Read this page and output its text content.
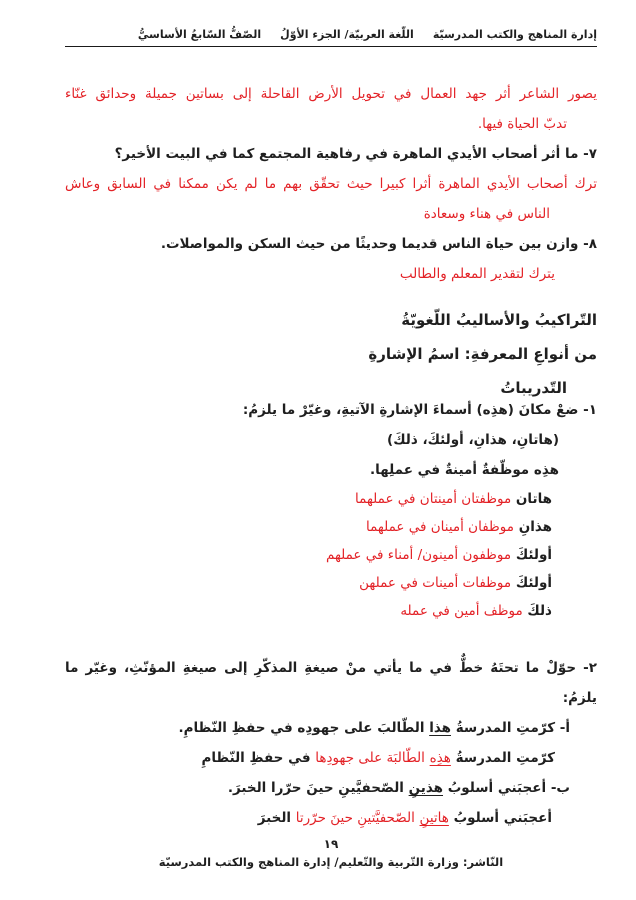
إدارة المناهج والكتب المدرسيّة
اللّغة العربيّة/ الجزء الأوّلُ
الصّفُّ السّابعُ الأساسيُّ
يصور الشاعر أثر جهد العمال في تحويل الأرض القاحلة إلى بساتين جميلة وحدائق غنّاء
تدبّ الحياة فيها.
٧- ما أثر أصحاب الأيدي الماهرة في رفاهية المجتمع كما في البيت الأخير؟
ترك أصحاب الأيدي الماهرة أثرا كبيرا حيث تحقّق بهم ما لم يكن ممكنا في السابق وعاش
الناس في هناء وسعادة
٨- وازن بين حياة الناس قديما وحديثًا من حيث السكن والمواصلات.
يترك لتقدير المعلم والطالب
التّراكيبُ والأساليبُ اللّغويّةُ
من أنواعِ المعرفةِ: اسمُ الإشارةِ
التّدريباتُ
١- ضعْ مكانَ (هذِه) أسماءَ الإشارةِ الآتيةِ، وغيّرْ ما يلزمُ:
(هاتانِ، هذانِ، أولئكَ، ذلكَ)
هذِه موظّفةٌ أمينةٌ في عملِها.
هاتان موظفتان أمينتان في عملهما
هذانِ موظفان أمينان في عملهما
أولئكَ موظفون أمينون/ أمناء في عملهم
أولئكَ موظفات أمينات في عملهن
ذلكَ موظف أمين في عمله
٢- حوّلْ ما تحتَهُ خطٌّ في ما يأتي منْ صيغةِ المذكّرِ إلى صيغةِ المؤنّثِ، وغيّر ما يلزمُ:
أ- كرّمتِ المدرسةُ هذا الطّالبَ على جهودِه في حفظِ النّظامِ.
كرّمتِ المدرسةُ هذِه الطّالبَة على جهودِها في حفظِ النّظامِ
ب- أعجبَني أسلوبُ هذينِ الصّحفيَّينِ حينَ حرّرا الخبرَ.
أعجبَني أسلوبُ هاتينِ الصّحفيَّتينِ حينَ حرّرتا الخبرَ
١٩
النّاشر: وزارة التّربية والتّعليم/ إدارة المناهج والكتب المدرسيّة
